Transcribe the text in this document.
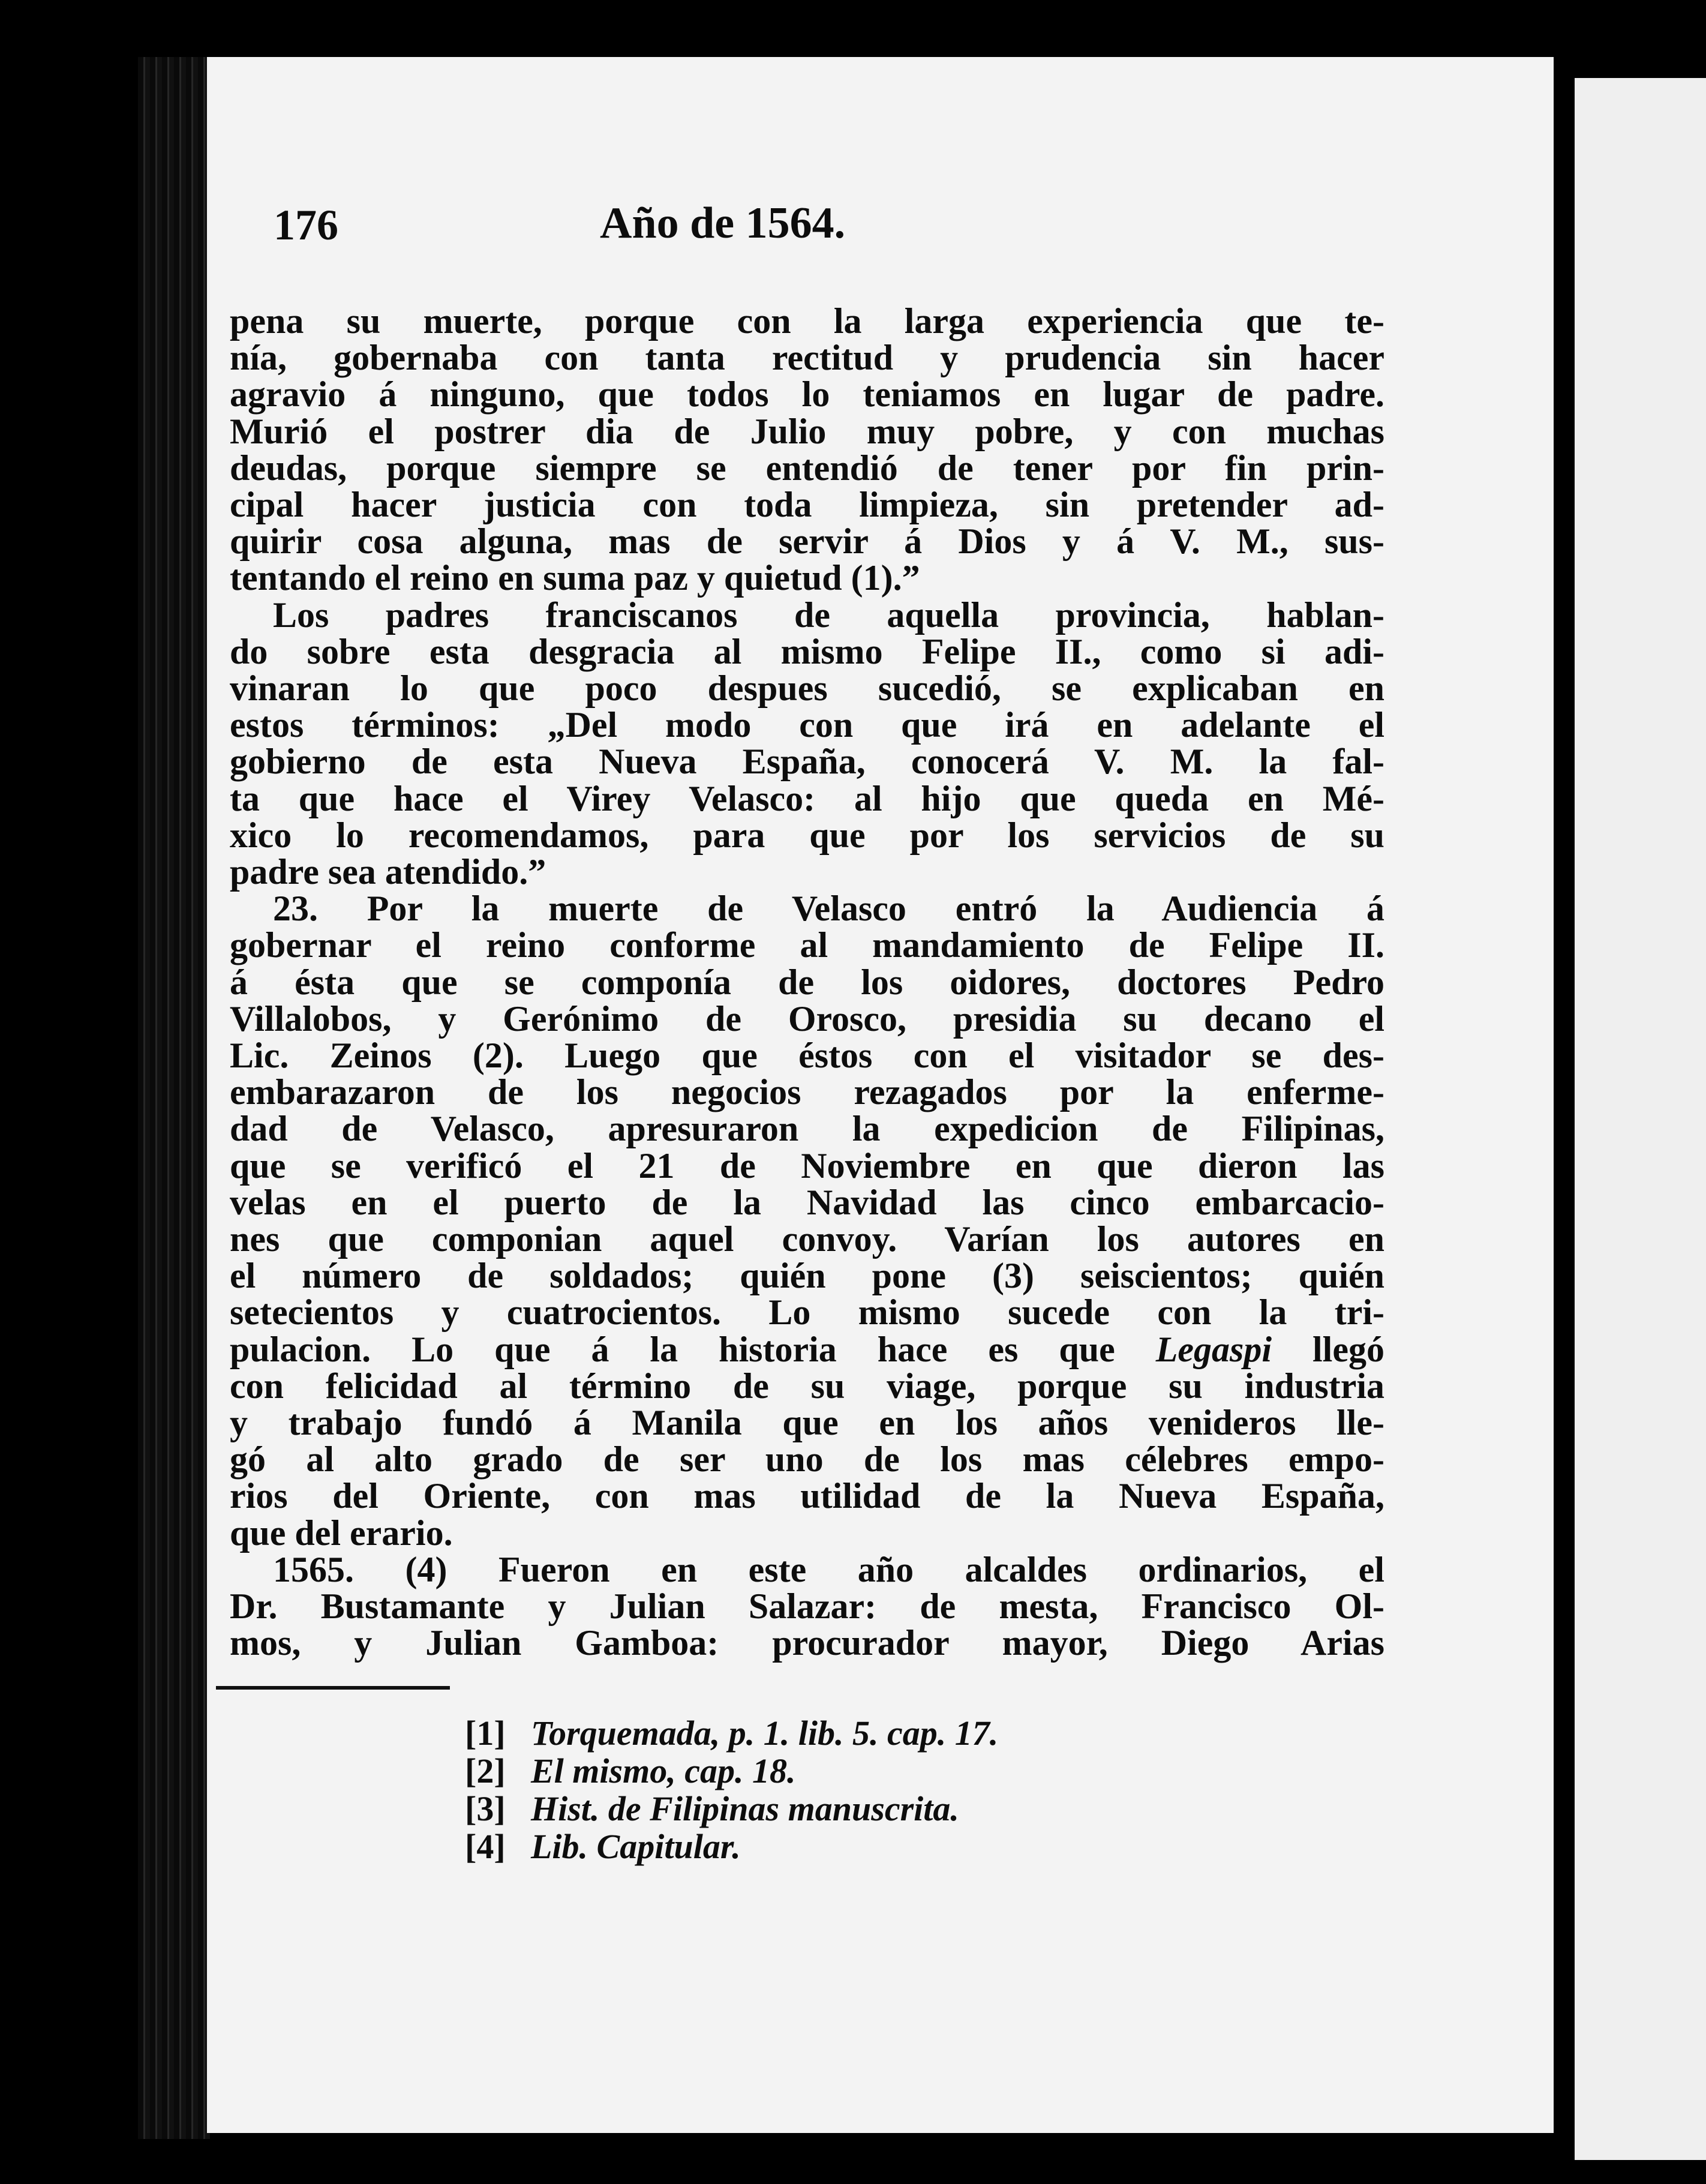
176	Año de 1564.
pena su muerte, porque con la larga experiencia que te-
nía, gobernaba con tanta rectitud y prudencia sin hacer
agravio á ninguno, que todos lo teniamos en lugar de padre.
Murió el postrer dia de Julio muy pobre, y con muchas
deudas, porque siempre se entendió de tener por fin prin-
cipal hacer justicia con toda limpieza, sin pretender ad-
quirir cosa alguna, mas de servir á Dios y á V. M., sus-
tentando el reino en suma paz y quietud (1).”
Los padres franciscanos de aquella provincia, hablan-
do sobre esta desgracia al mismo Felipe II., como si adi-
vinaran lo que poco despues sucedió, se explicaban en
estos términos: „Del modo con que irá en adelante el
gobierno de esta Nueva España, conocerá V. M. la fal-
ta que hace el Virey Velasco: al hijo que queda en Mé-
xico lo recomendamos, para que por los servicios de su
padre sea atendido.”
23. Por la muerte de Velasco entró la Audiencia á
gobernar el reino conforme al mandamiento de Felipe II.
á ésta que se componía de los oidores, doctores Pedro
Villalobos, y Gerónimo de Orosco, presidia su decano el
Lic. Zeinos (2). Luego que éstos con el visitador se des-
embarazaron de los negocios rezagados por la enferme-
dad de Velasco, apresuraron la expedicion de Filipinas,
que se verificó el 21 de Noviembre en que dieron las
velas en el puerto de la Navidad las cinco embarcacio-
nes que componian aquel convoy. Varían los autores en
el número de soldados; quién pone (3) seiscientos; quién
setecientos y cuatrocientos. Lo mismo sucede con la tri-
pulacion. Lo que á la historia hace es que Legaspi llegó
con felicidad al término de su viage, porque su industria
y trabajo fundó á Manila que en los años venideros lle-
gó al alto grado de ser uno de los mas célebres empo-
rios del Oriente, con mas utilidad de la Nueva España,
que del erario.
1565. (4) Fueron en este año alcaldes ordinarios, el
Dr. Bustamante y Julian Salazar: de mesta, Francisco Ol-
mos, y Julian Gamboa: procurador mayor, Diego Arias
[1] Torquemada, p. 1. lib. 5. cap. 17.
[2] El mismo, cap. 18.
[3] Hist. de Filipinas manuscrita.
[4] Lib. Capitular.
